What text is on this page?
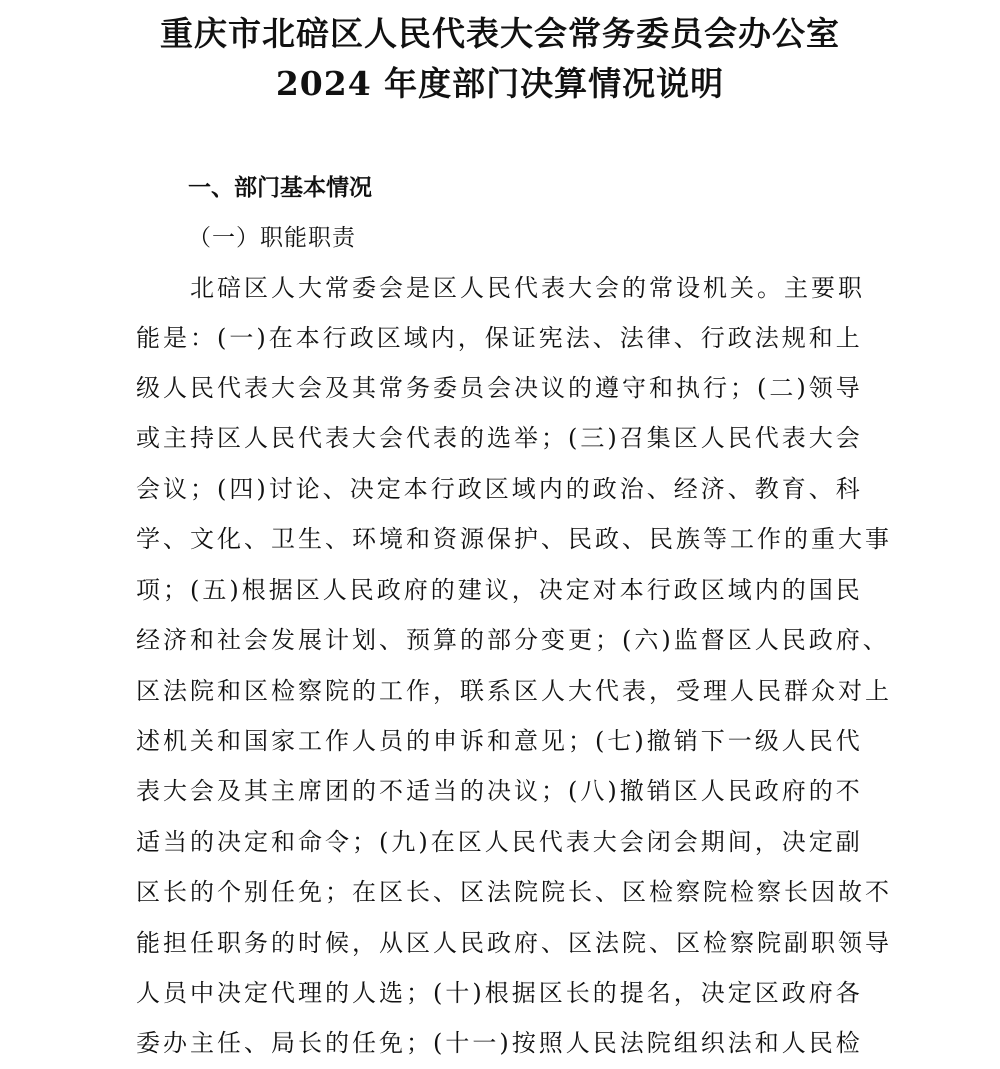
重庆市北碚区人民代表大会常务委员会办公室
2024 年度部门决算情况说明
一、部门基本情况
（一）职能职责
　　北碚区人大常委会是区人民代表大会的常设机关。主要职
能是：(一)在本行政区域内，保证宪法、法律、行政法规和上
级人民代表大会及其常务委员会决议的遵守和执行；(二)领导
或主持区人民代表大会代表的选举；(三)召集区人民代表大会
会议；(四)讨论、决定本行政区域内的政治、经济、教育、科
学、文化、卫生、环境和资源保护、民政、民族等工作的重大事
项；(五)根据区人民政府的建议，决定对本行政区域内的国民
经济和社会发展计划、预算的部分变更；(六)监督区人民政府、
区法院和区检察院的工作，联系区人大代表，受理人民群众对上
述机关和国家工作人员的申诉和意见；(七)撤销下一级人民代
表大会及其主席团的不适当的决议；(八)撤销区人民政府的不
适当的决定和命令；(九)在区人民代表大会闭会期间，决定副
区长的个别任免；在区长、区法院院长、区检察院检察长因故不
能担任职务的时候，从区人民政府、区法院、区检察院副职领导
人员中决定代理的人选；(十)根据区长的提名，决定区政府各
委办主任、局长的任免；(十一)按照人民法院组织法和人民检
